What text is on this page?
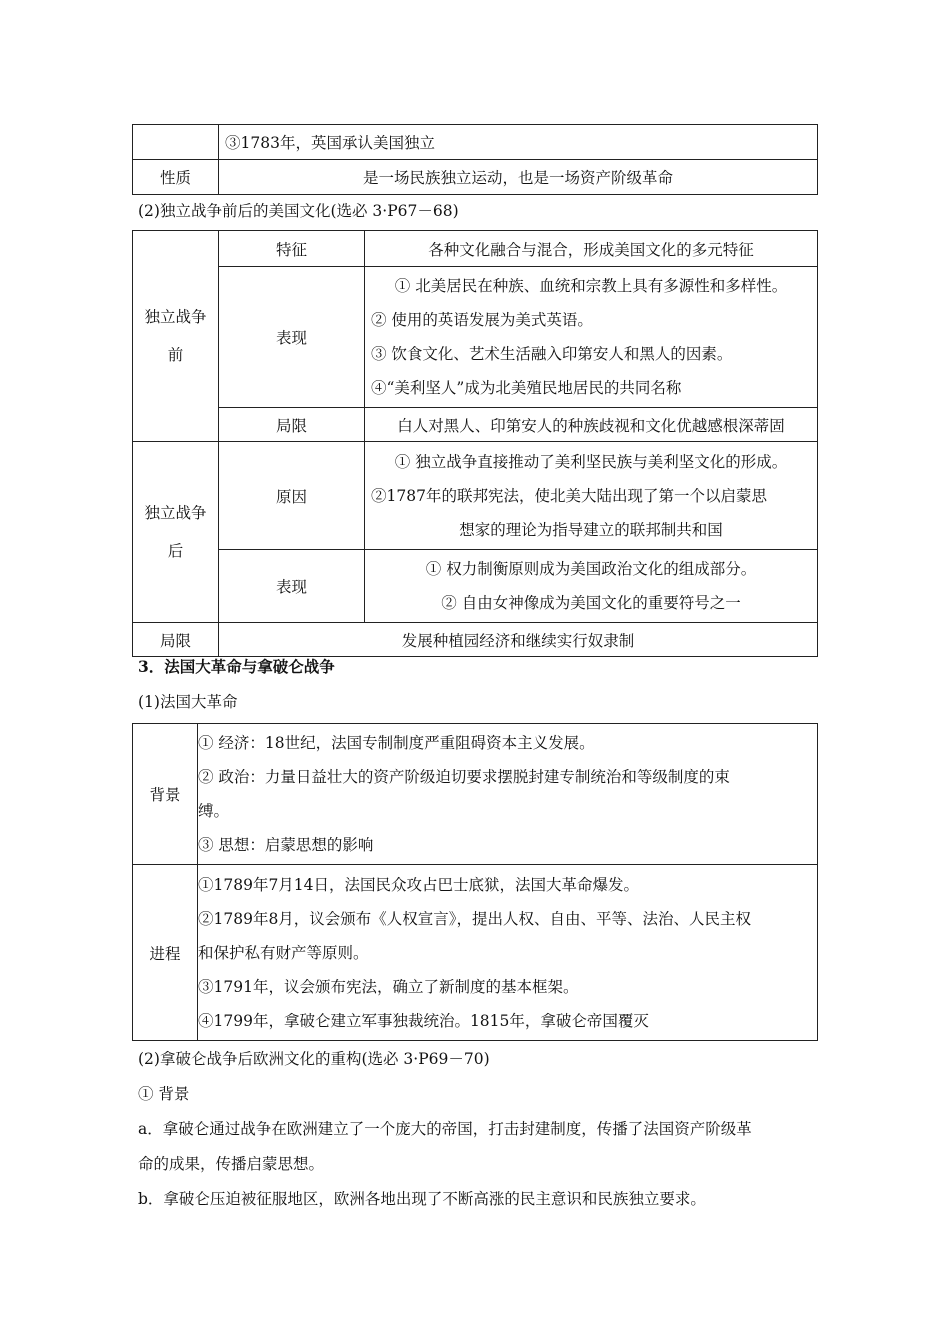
	③1783年，英国承认美国独立
性质	是一场民族独立运动，也是一场资产阶级革命
(2)独立战争前后的美国文化(选必 3·P67－68)
独立战争
前	特征	各种文化融合与混合，形成美国文化的多元特征
	表现	① 北美居民在种族、血统和宗教上具有多源性和多样性。
② 使用的英语发展为美式英语。
③ 饮食文化、艺术生活融入印第安人和黑人的因素。
④“美利坚人”成为北美殖民地居民的共同名称

	局限	白人对黑人、印第安人的种族歧视和文化优越感根深蒂固
独立战争
后	原因	① 独立战争直接推动了美利坚民族与美利坚文化的形成。
②1787年的联邦宪法，使北美大陆出现了第一个以启蒙思
想家的理论为指导建立的联邦制共和国

	表现	① 权力制衡原则成为美国政治文化的组成部分。
② 自由女神像成为美国文化的重要符号之一

局限	发展种植园经济和继续实行奴隶制	
3．法国大革命与拿破仑战争
(1)法国大革命
背景	① 经济：18世纪，法国专制制度严重阻碍资本主义发展。
② 政治：力量日益壮大的资产阶级迫切要求摆脱封建专制统治和等级制度的束
缚。
③ 思想：启蒙思想的影响

进程	①1789年7月14日，法国民众攻占巴士底狱，法国大革命爆发。
②1789年8月，议会颁布《人权宣言》，提出人权、自由、平等、法治、人民主权
和保护私有财产等原则。
③1791年，议会颁布宪法，确立了新制度的基本框架。
④1799年，拿破仑建立军事独裁统治。1815年，拿破仑帝国覆灭
(2)拿破仑战争后欧洲文化的重构(选必 3·P69－70)
① 背景
a．拿破仑通过战争在欧洲建立了一个庞大的帝国，打击封建制度，传播了法国资产阶级革
命的成果，传播启蒙思想。
b．拿破仑压迫被征服地区，欧洲各地出现了不断高涨的民主意识和民族独立要求。
